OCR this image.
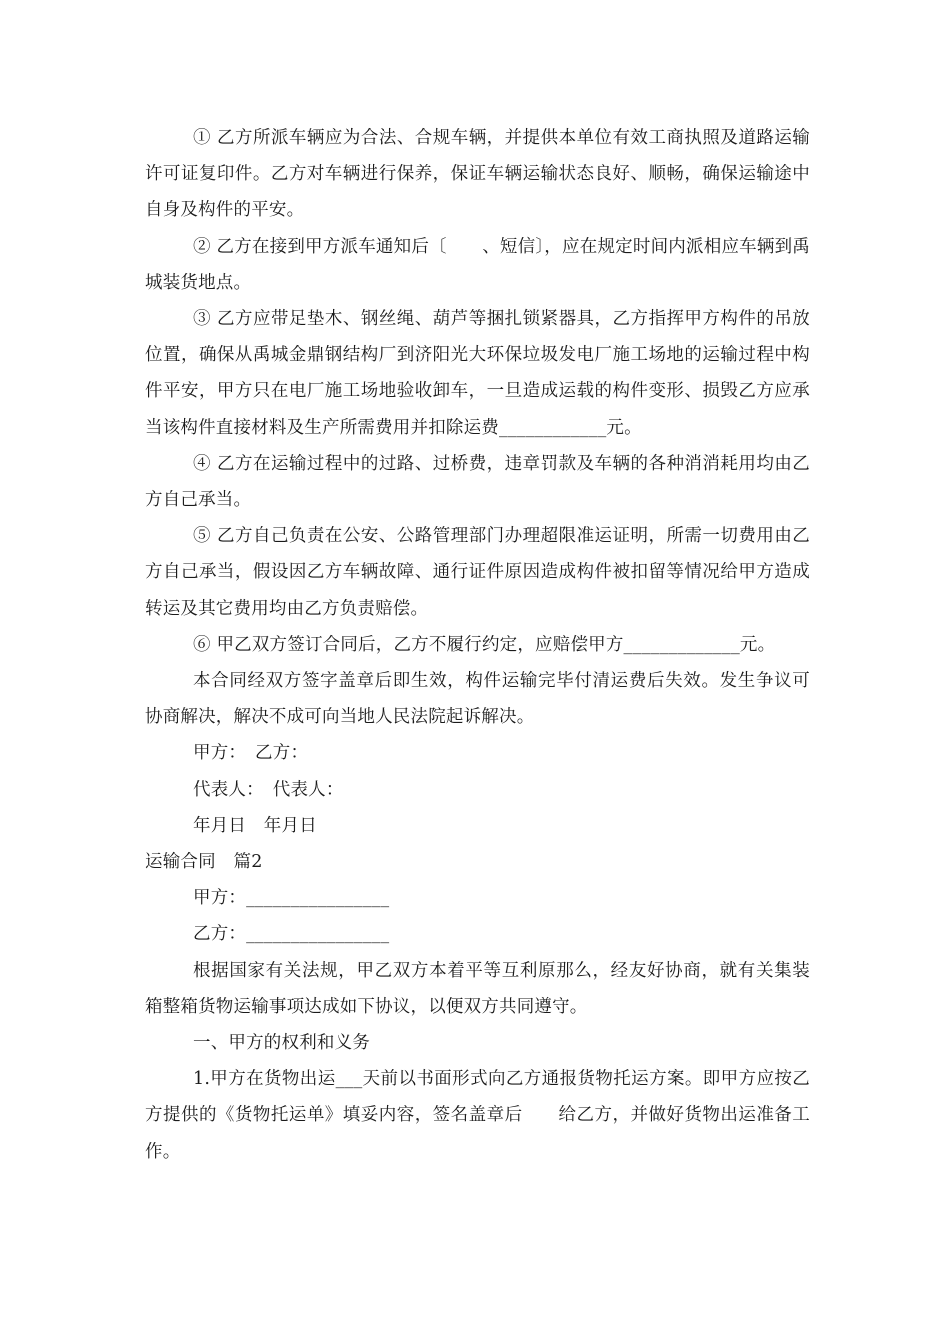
① 乙方所派车辆应为合法、合规车辆，并提供本单位有效工商执照及道路运输许可证复印件。乙方对车辆进行保养，保证车辆运输状态良好、顺畅，确保运输途中自身及构件的平安。

② 乙方在接到甲方派车通知后〔　　、短信〕，应在规定时间内派相应车辆到禹城装货地点。

③ 乙方应带足垫木、钢丝绳、葫芦等捆扎锁紧器具，乙方指挥甲方构件的吊放位置，确保从禹城金鼎钢结构厂到济阳光大环保垃圾发电厂施工场地的运输过程中构件平安，甲方只在电厂施工场地验收卸车，一旦造成运载的构件变形、损毁乙方应承当该构件直接材料及生产所需费用并扣除运费____________元。

④ 乙方在运输过程中的过路、过桥费，违章罚款及车辆的各种消消耗用均由乙方自己承当。

⑤ 乙方自己负责在公安、公路管理部门办理超限准运证明，所需一切费用由乙方自己承当，假设因乙方车辆故障、通行证件原因造成构件被扣留等情况给甲方造成转运及其它费用均由乙方负责赔偿。

⑥ 甲乙双方签订合同后，乙方不履行约定，应赔偿甲方_____________元。

本合同经双方签字盖章后即生效，构件运输完毕付清运费后失效。发生争议可协商解决，解决不成可向当地人民法院起诉解决。

甲方：　乙方：

代表人：　代表人：

年月日　年月日

运输合同　篇2

甲方：________________

乙方：________________

根据国家有关法规，甲乙双方本着平等互利原那么，经友好协商，就有关集装箱整箱货物运输事项达成如下协议，以便双方共同遵守。

一、甲方的权利和义务

1.甲方在货物出运___天前以书面形式向乙方通报货物托运方案。即甲方应按乙方提供的《货物托运单》填妥内容，签名盖章后　　给乙方，并做好货物出运准备工作。
